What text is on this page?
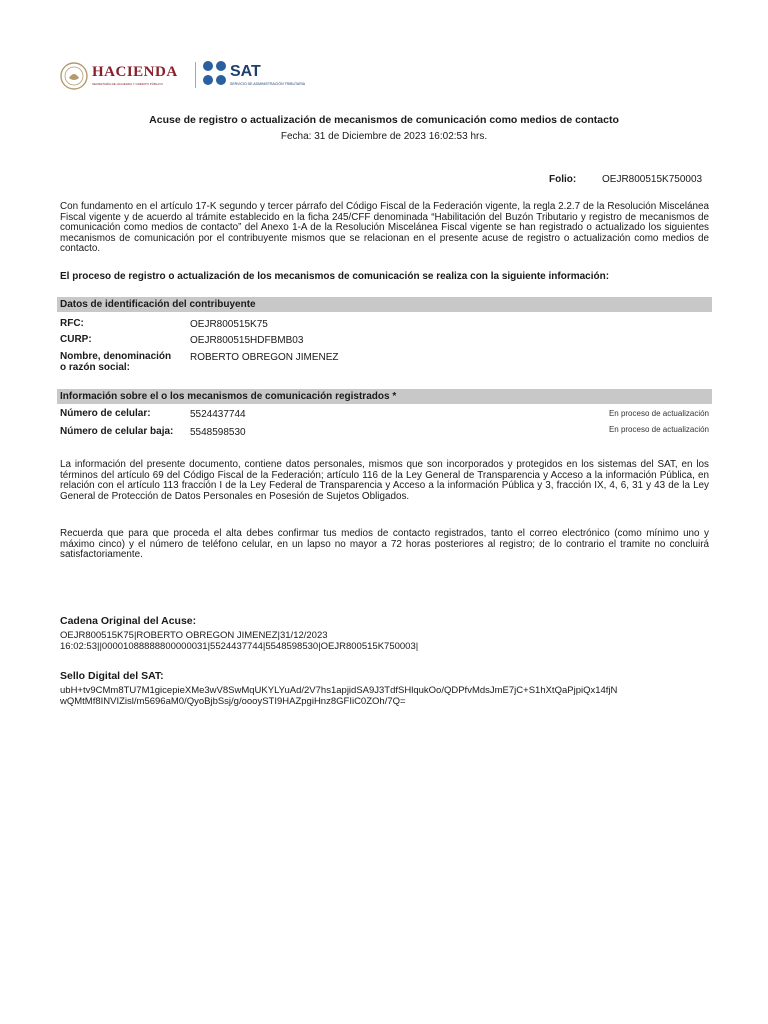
HACIENDA
SECRETARÍA DE HACIENDA Y CRÉDITO PÚBLICO
SAT
SERVICIO DE ADMINISTRACIÓN TRIBUTARIA
Acuse de registro o actualización de mecanismos de comunicación como medios de contacto
Fecha: 31 de Diciembre de 2023 16:02:53 hrs.
Folio:	OEJR800515K750003
Con fundamento en el artículo 17-K segundo y tercer párrafo del Código Fiscal de la Federación vigente, la regla 2.2.7 de la Resolución Miscelánea Fiscal vigente y de acuerdo al trámite establecido en la ficha 245/CFF denominada “Habilitación del Buzón Tributario y registro de mecanismos de comunicación como medios de contacto” del Anexo 1-A de la Resolución Miscelánea Fiscal vigente se han registrado o actualizado los siguientes mecanismos de comunicación por el contribuyente mismos que se relacionan en el presente acuse de registro o actualización como medios de contacto.
El proceso de registro o actualización de los mecanismos de comunicación se realiza con la siguiente información:
Datos de identificación del contribuyente
RFC:	OEJR800515K75
CURP:	OEJR800515HDFBMB03
Nombre, denominación
o razón social:
ROBERTO OBREGON JIMENEZ
Información sobre el o los mecanismos de comunicación registrados *
Número de celular:	5524437744	En proceso de actualización
Número de celular baja: 5548598530	En proceso de actualización
La información del presente documento, contiene datos personales, mismos que son incorporados y protegidos en los sistemas del SAT, en los términos del artículo 69 del Código Fiscal de la Federación; artículo 116 de la Ley General de Transparencia y Acceso a la información Pública, en relación con el artículo 113 fracción I de la Ley Federal de Transparencia y Acceso a la información Pública y 3, fracción IX, 4, 6, 31 y 43 de la Ley General de Protección de Datos Personales en Posesión de Sujetos Obligados.
Recuerda que para que proceda el alta debes confirmar tus medios de contacto registrados, tanto el correo electrónico (como mínimo uno y máximo cinco) y el número de teléfono celular, en un lapso no mayor a 72 horas posteriores al registro; de lo contrario el tramite no concluirá satisfactoriamente.
Cadena Original del Acuse:
OEJR800515K75|ROBERTO OBREGON JIMENEZ|31/12/2023
16:02:53||00001088888800000031|5524437744|5548598530|OEJR800515K750003|
Sello Digital del SAT:
ubH+tv9CMm8TU7M1gicepieXMe3wV8SwMqUKYLYuAd/2V7hs1apjidSA9J3TdfSHlqukOo/QDPfvMdsJmE7jC+S1hXtQaPjpiQx14fjN
wQMtMf8INVIZisl/m5696aM0/QyoBjbSsj/g/oooySTI9HAZpgiHnz8GFIiC0ZOh/7Q=
